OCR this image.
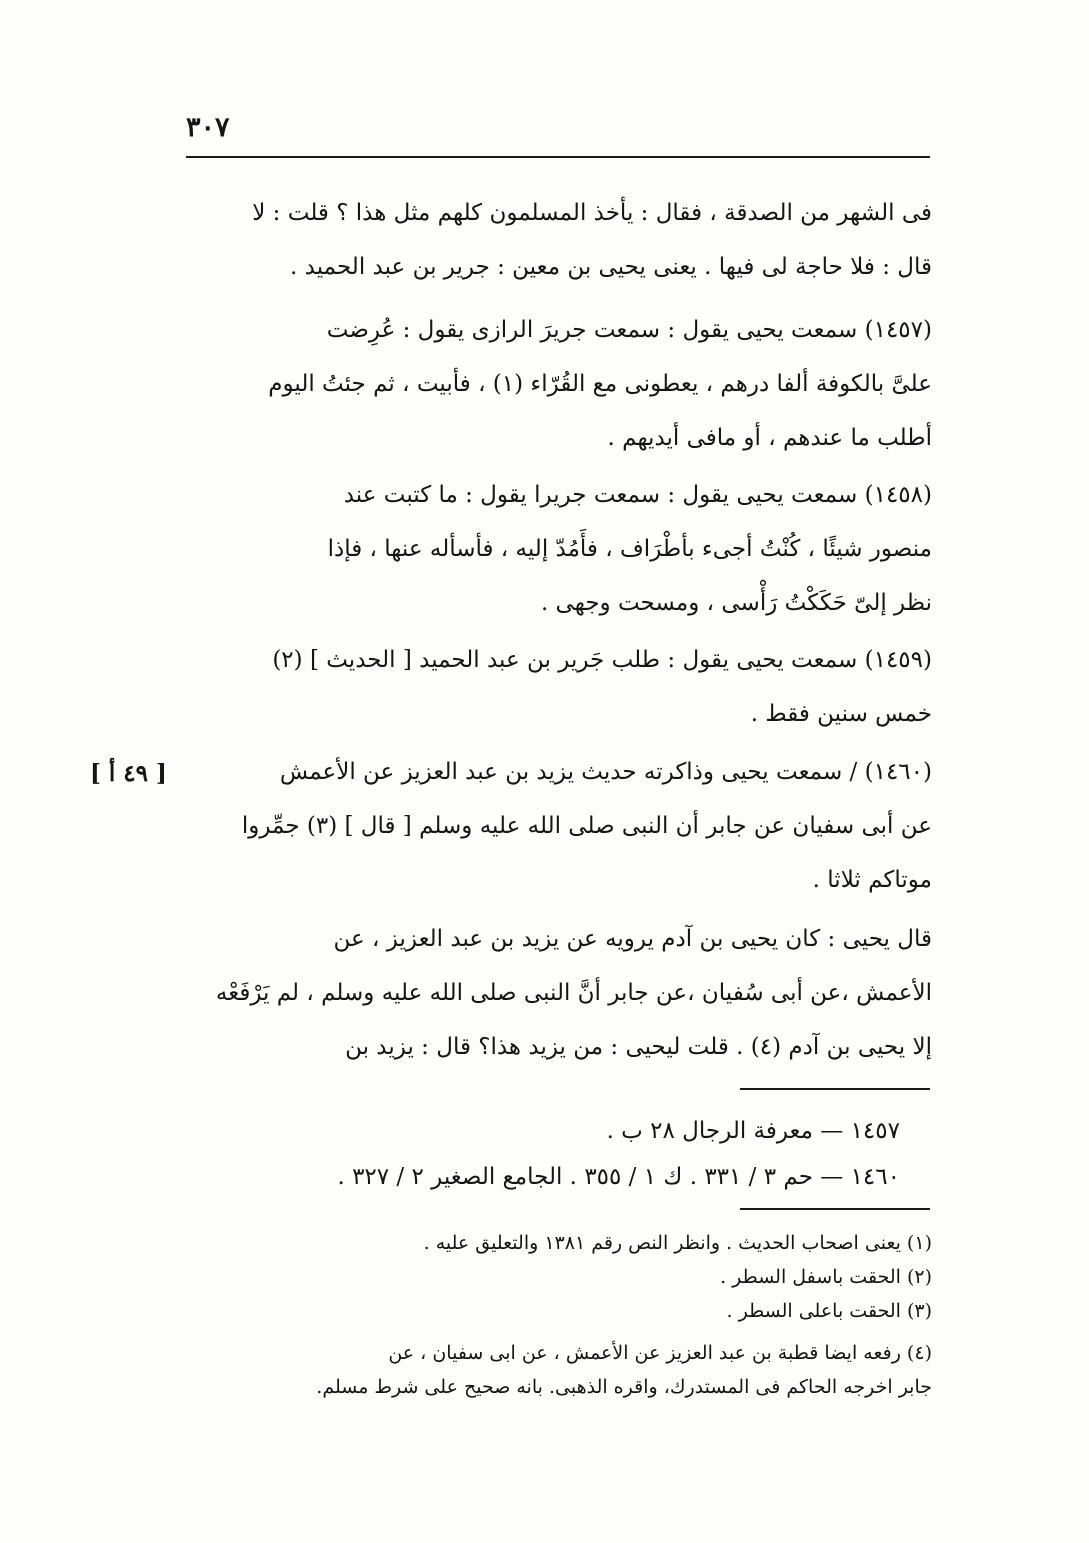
٣٠٧
فى الشهر من الصدقة ، فقال : يأخذ المسلمون كلهم مثل هذا ؟ قلت : لا
قال : فلا حاجة لى فيها . يعنى يحيى بن معين : جرير بن عبد الحميد .
(١٤٥٧) سمعت يحيى يقول : سمعت جريرَ الرازى يقول : عُرِضت
علىَّ بالكوفة ألفا درهم ، يعطونى مع القُرّاء (١) ، فأبيت ، ثم جئتُ اليوم
أطلب ما عندهم ، أو مافى أيديهم .
(١٤٥٨) سمعت يحيى يقول : سمعت جريرا يقول : ما كتبت عند
منصور شيئًا ، كُنْتُ أجىء بأطْرَاف ، فأَمُدّ إليه ، فأسأله عنها ، فإذا
نظر إلىّ حَكَكْتُ رَأْسى ، ومسحت وجهى .
(١٤٥٩) سمعت يحيى يقول : طلب جَرير بن عبد الحميد [ الحديث ] (٢)
خمس سنين فقط .
[ ٤٩ أ ]	(١٤٦٠) / سمعت يحيى وذاكرته حديث يزيد بن عبد العزيز عن الأعمش
عن أبى سفيان عن جابر أن النبى صلى الله عليه وسلم [ قال ] (٣) جمِّروا
موتاكم ثلاثا .
قال يحيى : كان يحيى بن آدم يرويه عن يزيد بن عبد العزيز ، عن
الأعمش ،عن أبى سُفيان ،عن جابر أنَّ النبى صلى الله عليه وسلم ، لم يَرْفَعْه
إلا يحيى بن آدم (٤) . قلت ليحيى : من يزيد هذا؟ قال : يزيد بن
١٤٥٧ — معرفة الرجال ٢٨ ب .
١٤٦٠ — حم ٣ / ٣٣١ . ك ١ / ٣٥٥ . الجامع الصغير ٢ / ٣٢٧ .
(١) يعنى اصحاب الحديث . وانظر النص رقم ١٣٨١ والتعليق عليه .
(٢) الحقت باسفل السطر .
(٣) الحقت باعلى السطر .
(٤) رفعه ايضا قطبة بن عبد العزيز عن الأعمش ، عن ابى سفيان ، عن
جابر اخرجه الحاكم فى المستدرك، واقره الذهبى. بانه صحيح على شرط مسلم.
